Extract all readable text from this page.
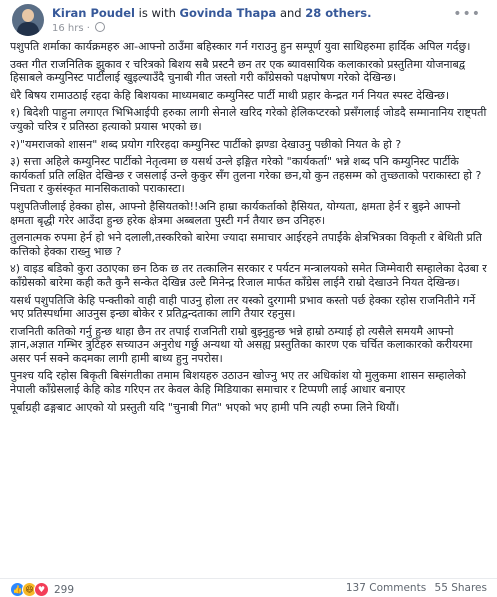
Kiran Poudel is with Govinda Thapa and 28 others.
16 hrs ·
•••

पशुपति शर्माका कार्यक्रमहरु आ-आफ्नो ठाउँमा बहिस्कार गर्न गराउनु हुन सम्पूर्ण युवा साथिहरुमा हार्दिक अपिल गर्दछु।

उक्त गीत राजनितिक झुकाव र चरित्रको बिशय सबै प्रस्टनै छन तर एक ब्यावसायिक कलाकारको प्रस्तुतिमा योजनाबद्व हिसाबले कम्युनिस्ट पार्टीलाई खुइल्याउँदै चुनाबी गीत जस्तो गरी काँग्रेसको पक्षपोषण गरेको देखिन्छ।

धेरै बिषय रामाउठाई रहदा केहि बिशयका माध्यमबाट कम्युनिस्ट पार्टी माथी प्रहार केन्द्रत गर्न नियत स्पस्ट देखिन्छ।

१) बिदेशी पाहुना लगाएत भिभिआईपी हरुका लागी सेनाले खरिद गरेको हेलिकप्टरको प्रसँगलाई जोडदै सम्मानानिय राष्ट्पती ज्युको चरित्र र प्रतिस्ठा हत्याको प्रयास भएको छ।

२)"यमराजको शासन" शब्द प्रयोग गरिरहदा कम्युनिस्ट पार्टीको झण्डा देखाउनु पछीको नियत के हो ?

३) सत्ता अहिले कम्युनिस्ट पार्टीको नेतृत्वमा छ यसर्थ उन्ले इङ्गित गरेको "कार्यकर्ता" भन्ने शब्द पनि कम्युनिस्ट पार्टीके कार्यकर्ता प्रति लक्षित देखिन्छ र जसलाई उन्ले कुकुर सँग तुलना गरेका छन,यो कुन तहसम्म को तुच्छताको पराकास्टा हो ?निचता र कुसंस्कृत मानसिकताको पराकास्टा।

पशुपतिजीलाई हेक्का होस, आफ्नो हैसियतको!!अनि हाम्रा कार्यकर्ताको हैसियत, योग्यता, क्षमता हेर्न र बुझ्ने आफ्नो क्षमता बृद्धी गरेर आउँदा हुन्छ हरेक क्षेत्रमा अब्बलता पुस्टी गर्न तैयार छन उनिहरु।

तुलनात्मक रुपमा हेर्न हो भने दलाली,तस्करिको बारेमा ज्यादा समाचार आईरहने तपाईंके क्षेत्रभित्रका विकृती र बेथिती प्रति कत्तिको हेक्का राख्नु भाछ ?

४) वाइड बडिको कुरा उठाएका छन ठिक छ तर तत्कालिन सरकार र पर्यटन मन्त्रालयको समेत जिम्मेवारी सम्हालेका देउबा र काँग्रेसको बारेमा कही कतै कुनै सन्केत देखिन्न उल्टै मिनेन्द्र रिजाल मार्फत काँग्रेस लाईनै राम्रो देखाउने नियत देखिन्छ।

यसर्थ पशुपतिजि केहि पन्क्तीको वाही वाही पाउनु होला तर यस्को दुरगामी प्रभाव कस्तो पर्छ हेक्का रहोस राजनितीने गर्ने भए प्रतिस्पर्धामा आउनुस इन्छा बोकेर र प्रतिद्वन्दताका लागि तैयार रहनुस।

राजनिती कतिको गर्नु हुन्छ थाहा छैन तर तपाई राजनिती राम्रो बुझ्नुहुन्छ भन्ने हाम्रो ठम्याई हो त्यसैले समयमै आफ्नो ज्ञान,अज्ञात गम्भिर त्रुटिहरु सच्याउन अनुरोध गर्छु अन्यथा यो असह्य प्रस्तुतिका कारण एक चर्चित कलाकारको करीयरमा असर पर्न सक्ने कदमका लागी हामी बाध्य हुनु नपरोस।

पुनश्च यदि रहोस बिकृती बिसंगतीका तमाम बिशयहरु उठाउन खोज्नु भए तर अधिकांश यो मुलुकमा शासन सम्हालेको नेपाली काँग्रेसलाई केहि कोड गरिएन तर केवल केहि मिडियाका समाचार र टिप्पणी लाई आधार बनाएर

पूर्बाग्रही ढङ्गबाट आएको यो प्रस्तुती यदि "चुनाबी गित" भएको भए हामी पनि त्यही रुप्मा लिने थियौं।

👍 😆 ♥ 299	137 Comments 55 Shares
